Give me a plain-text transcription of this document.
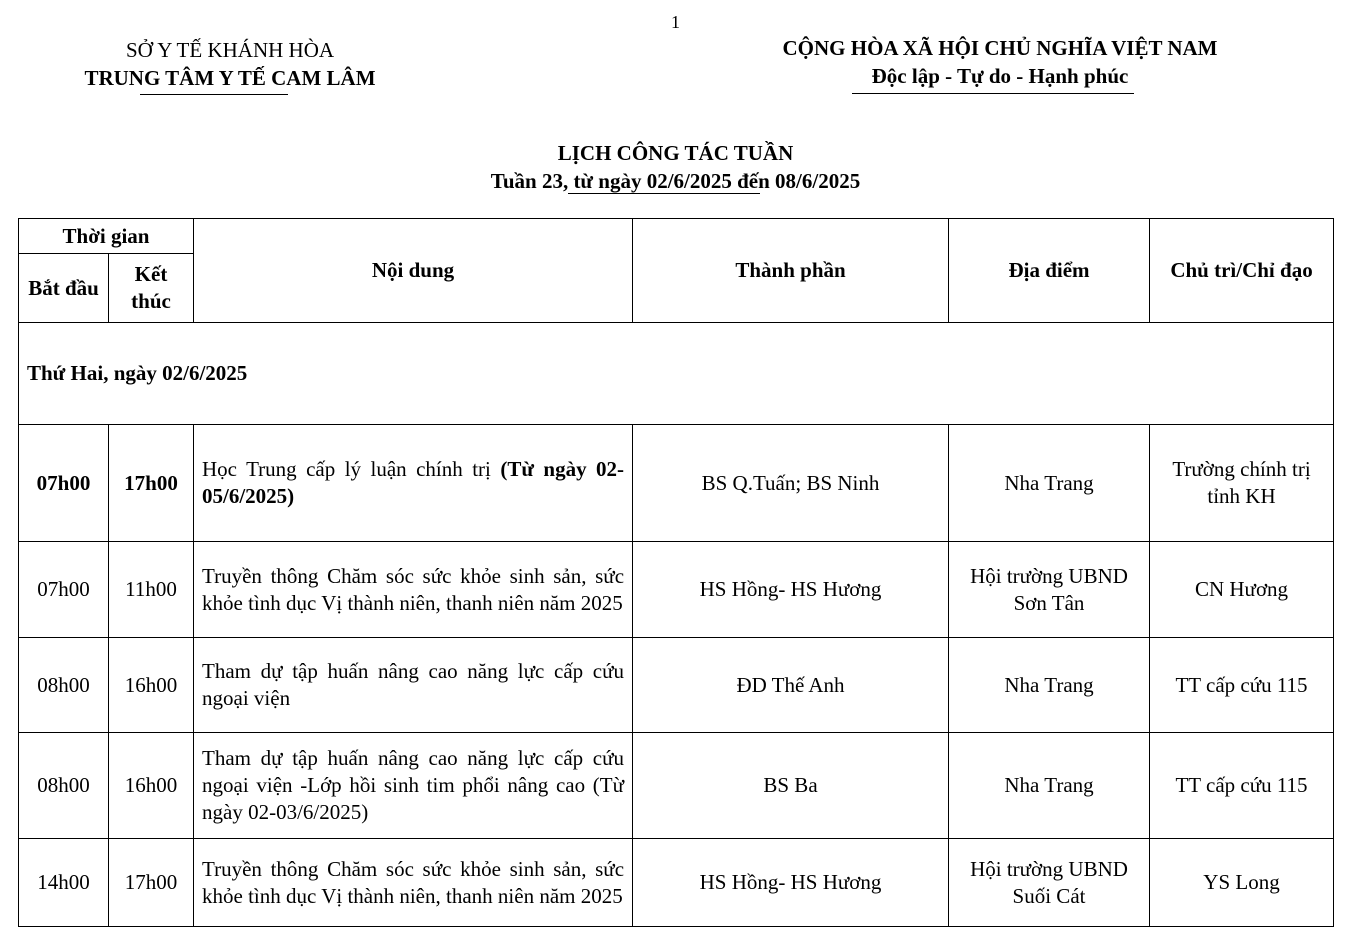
1
SỞ Y TẾ KHÁNH HÒA
TRUNG TÂM Y TẾ CAM LÂM
CỘNG HÒA XÃ HỘI CHỦ NGHĨA VIỆT NAM
Độc lập - Tự do - Hạnh phúc
LỊCH CÔNG TÁC TUẦN
Tuần 23, từ ngày 02/6/2025 đến 08/6/2025
Thời gian		Nội dung	Thành phần	Địa điểm	Chủ trì/Chỉ đạo
Bắt đầu	Kết thúc				
Thứ Hai, ngày 02/6/2025					
07h00	17h00	Học Trung cấp lý luận chính trị (Từ ngày 02-05/6/2025)	BS Q.Tuấn; BS Ninh	Nha Trang	Trường chính trị tỉnh KH
07h00	11h00	Truyền thông Chăm sóc sức khỏe sinh sản, sức khỏe tình dục Vị thành niên, thanh niên năm 2025	HS Hồng- HS Hương	Hội trường UBND Sơn Tân	CN Hương
08h00	16h00	Tham dự tập huấn nâng cao năng lực cấp cứu ngoại viện	ĐD Thế Anh	Nha Trang	TT cấp cứu 115
08h00	16h00	Tham dự tập huấn nâng cao năng lực cấp cứu ngoại viện -Lớp hồi sinh tim phổi nâng cao (Từ ngày 02-03/6/2025)	BS Ba	Nha Trang	TT cấp cứu 115
14h00	17h00	Truyền thông Chăm sóc sức khỏe sinh sản, sức khỏe tình dục Vị thành niên, thanh niên năm 2025	HS Hồng- HS Hương	Hội trường UBND Suối Cát	YS Long
